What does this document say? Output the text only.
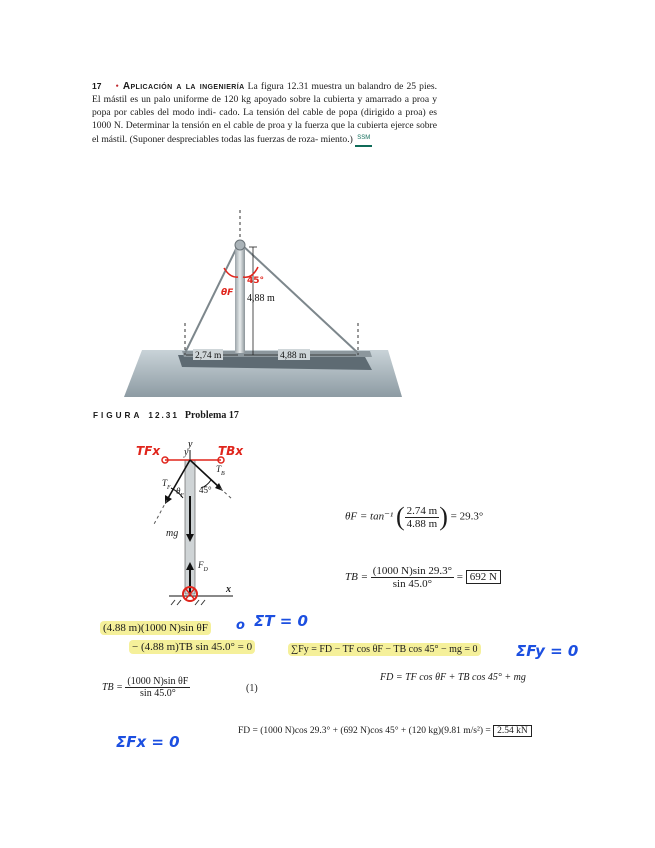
17 • Aplicación a la ingeniería La figura 12.31 muestra un balandro de 25 pies. El mástil es un palo uniforme de 120 kg apoyado sobre la cubierta y amarrado a proa y popa por cables del modo indi- cado. La tensión del cable de popa (dirigido a proa) es 1000 N. Determinar la tensión en el cable de proa y la fuerza que la cubierta ejerce sobre el mástil. (Suponer despreciables todas las fuerzas de roza- miento.) SSM
4,88 m
2,74 m	4,88 m
45°
θF
FIGURA 12.31 Problema 17
y
y
x
$T_F$
$T_B$
$\theta_F$
45°
mg
$F_D$
TFx	TBx
θF = tan⁻¹ ( $\frac{2.74 m}{4.88 m}$ ) = 29.3°
TB = $\frac{(1000 N)\sin 29.3^\circ}{\sin 45.0^\circ} = 692$ N
(4.88 m)(1000 N)sin θF
− (4.88 m)TB sin 45.0° = 0
o ΣT = 0
∑Fy = FD − TF cos θF − TB cos 45° − mg = 0	ΣFy = 0
TB = $\frac{\text{(1000 N)sin θF}}{\sin 45.0^\circ}$	(1)
FD = TF cos θF + TB cos 45° + mg
FD = (1000 N)cos 29.3° + (692 N)cos 45° + (120 kg)(9.81 m/s²) = 2.54 kN
ΣFx = 0
